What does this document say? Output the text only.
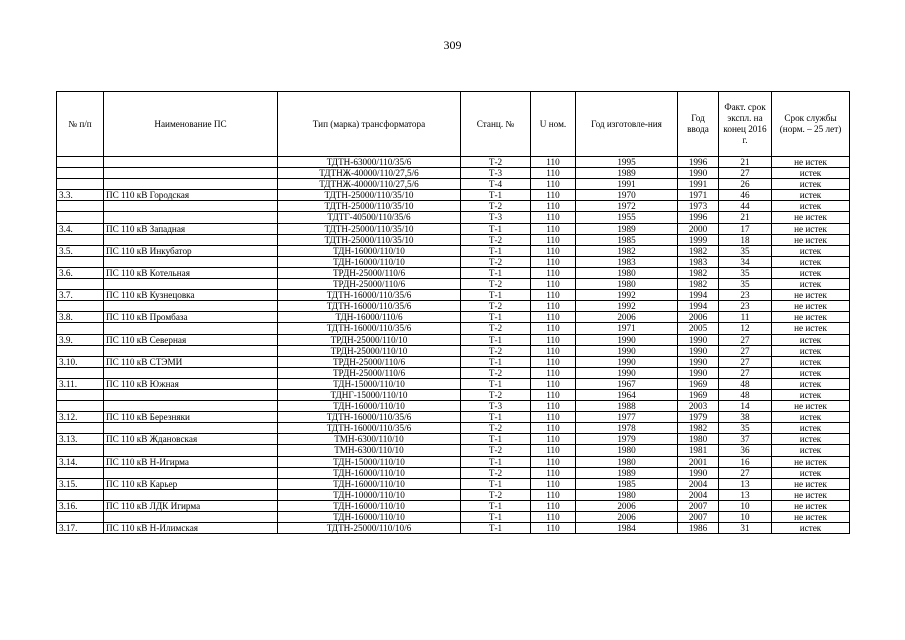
309
№ п/п	Наименование ПС	Тип (марка) трансформатора	Станц. №	U ном.	Год изготовле-ния	Год ввода	Факт. срок экспл. на конец 2016 г.	Срок службы (норм. – 25 лет)
		ТДТН-63000/110/35/6	Т-2	110	1995	1996	21	не истек
		ТДТНЖ-40000/110/27,5/6	Т-3	110	1989	1990	27	истек
		ТДТНЖ-40000/110/27,5/6	Т-4	110	1991	1991	26	истек
3.3.	ПС 110 кВ Городская	ТДТН-25000/110/35/10	Т-1	110	1970	1971	46	истек
		ТДТН-25000/110/35/10	Т-2	110	1972	1973	44	истек
		ТДТГ-40500/110/35/6	Т-3	110	1955	1996	21	не истек
3.4.	ПС 110 кВ Западная	ТДТН-25000/110/35/10	Т-1	110	1989	2000	17	не истек
		ТДТН-25000/110/35/10	Т-2	110	1985	1999	18	не истек
3.5.	ПС 110 кВ Инкубатор	ТДН-16000/110/10	Т-1	110	1982	1982	35	истек
		ТДН-16000/110/10	Т-2	110	1983	1983	34	истек
3.6.	ПС 110 кВ Котельная	ТРДН-25000/110/6	Т-1	110	1980	1982	35	истек
		ТРДН-25000/110/6	Т-2	110	1980	1982	35	истек
3.7.	ПС 110 кВ Кузнецовка	ТДТН-16000/110/35/6	Т-1	110	1992	1994	23	не истек
		ТДТН-16000/110/35/6	Т-2	110	1992	1994	23	не истек
3.8.	ПС 110 кВ Промбаза	ТДН-16000/110/6	Т-1	110	2006	2006	11	не истек
		ТДТН-16000/110/35/6	Т-2	110	1971	2005	12	не истек
3.9.	ПС 110 кВ Северная	ТРДН-25000/110/10	Т-1	110	1990	1990	27	истек
		ТРДН-25000/110/10	Т-2	110	1990	1990	27	истек
3.10.	ПС 110 кВ СТЭМИ	ТРДН-25000/110/6	Т-1	110	1990	1990	27	истек
		ТРДН-25000/110/6	Т-2	110	1990	1990	27	истек
3.11.	ПС 110 кВ Южная	ТДН-15000/110/10	Т-1	110	1967	1969	48	истек
		ТДНГ-15000/110/10	Т-2	110	1964	1969	48	истек
		ТДН-16000/110/10	Т-3	110	1988	2003	14	не истек
3.12.	ПС 110 кВ Березняки	ТДТН-16000/110/35/6	Т-1	110	1977	1979	38	истек
		ТДТН-16000/110/35/6	Т-2	110	1978	1982	35	истек
3.13.	ПС 110 кВ Ждановская	ТМН-6300/110/10	Т-1	110	1979	1980	37	истек
		ТМН-6300/110/10	Т-2	110	1980	1981	36	истек
3.14.	ПС 110 кВ Н-Игирма	ТДН-15000/110/10	Т-1	110	1980	2001	16	не истек
		ТДН-16000/110/10	Т-2	110	1989	1990	27	истек
3.15.	ПС 110 кВ Карьер	ТДН-16000/110/10	Т-1	110	1985	2004	13	не истек
		ТДН-10000/110/10	Т-2	110	1980	2004	13	не истек
3.16.	ПС 110 кВ ЛДК Игирма	ТДН-16000/110/10	Т-1	110	2006	2007	10	не истек
		ТДН-16000/110/10	Т-1	110	2006	2007	10	не истек
3.17.	ПС 110 кВ Н-Илимская	ТДТН-25000/110/10/6	Т-1	110	1984	1986	31	истек
